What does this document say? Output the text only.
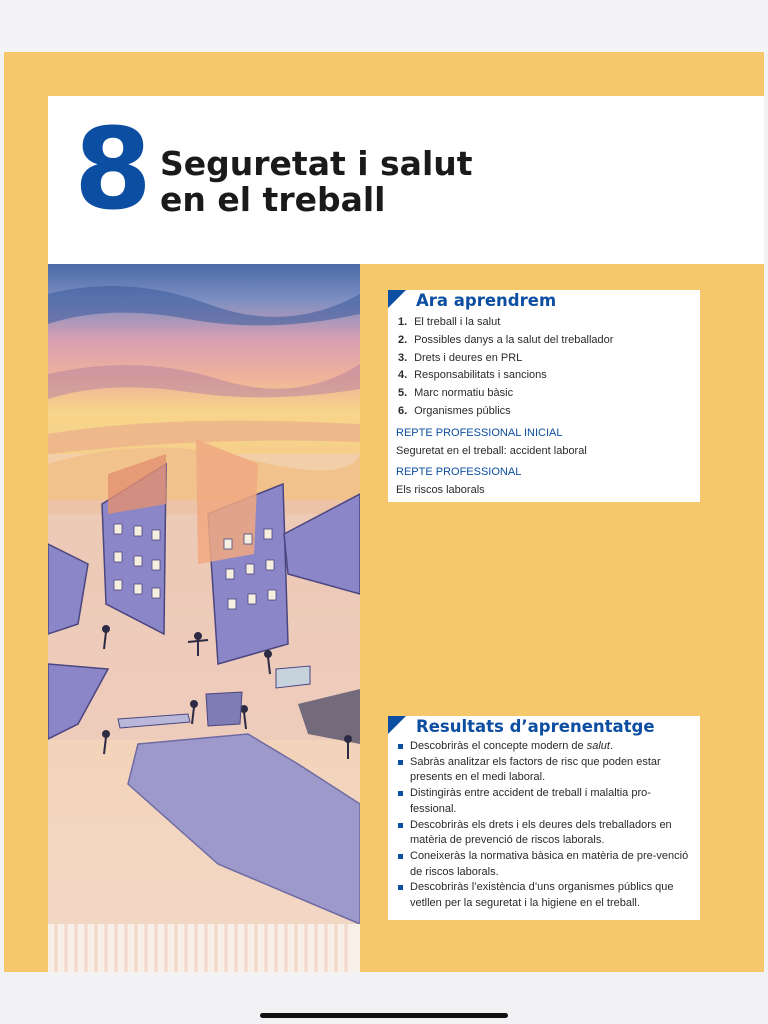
8 Seguretat i salut
en el treball
Ara aprendrem
1. El treball i la salut
2. Possibles danys a la salut del treballador
3. Drets i deures en PRL
4. Responsabilitats i sancions
5. Marc normatiu bàsic
6. Organismes públics
REPTE PROFESSIONAL INICIAL
Seguretat en el treball: accident laboral
REPTE PROFESSIONAL
Els riscos laborals
Resultats d’aprenentatge
Descobriràs el concepte modern de salut.
Sabràs analitzar els factors de risc que poden estar presents en el medi laboral.
Distingiràs entre accident de treball i malaltia pro-fessional.
Descobriràs els drets i els deures dels treballadors en matèria de prevenció de riscos laborals.
Coneixeràs la normativa bàsica en matèria de pre-venció de riscos laborals.
Descobriràs l’existència d’uns organismes públics que vetllen per la seguretat i la higiene en el treball.
